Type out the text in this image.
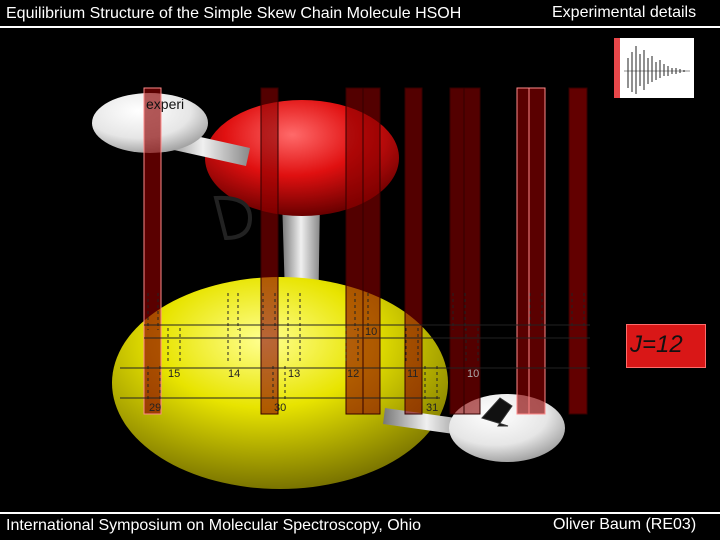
Equilibrium Structure of the Simple Skew Chain Molecule HSOH	Experimental details
experi
10
15	14	13	12	11	10
29	30	31
J=12
International Symposium on Molecular Spectroscopy, Ohio	Oliver Baum (RE03)
